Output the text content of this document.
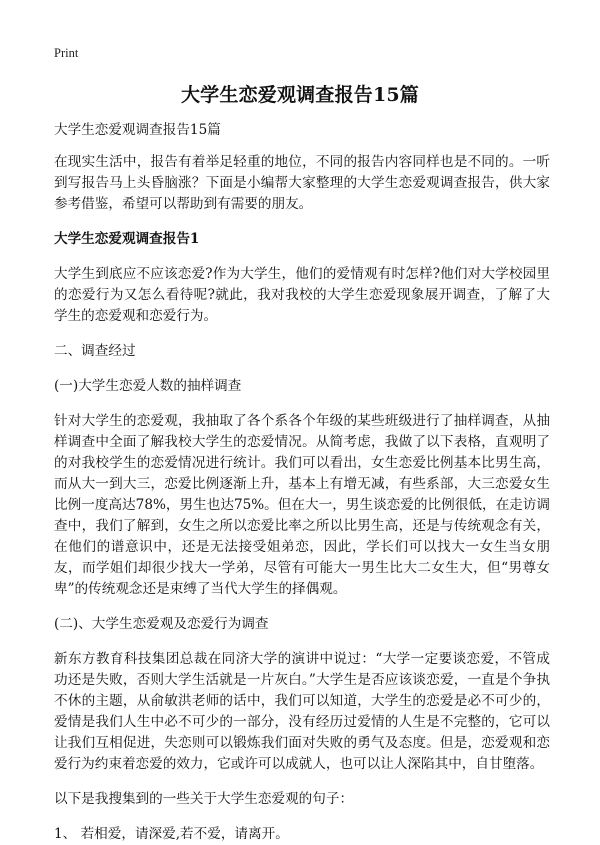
Print
大学生恋爱观调查报告15篇

大学生恋爱观调查报告15篇

在现实生活中，报告有着举足轻重的地位，不同的报告内容同样也是不同的。一听到写报告马上头昏脑涨？下面是小编帮大家整理的大学生恋爱观调查报告，供大家参考借鉴，希望可以帮助到有需要的朋友。

大学生恋爱观调查报告1

大学生到底应不应该恋爱?作为大学生，他们的爱情观有时怎样?他们对大学校园里的恋爱行为又怎么看待呢?就此，我对我校的大学生恋爱现象展开调查，了解了大学生的恋爱观和恋爱行为。

二、调查经过

(一)大学生恋爱人数的抽样调查

针对大学生的恋爱观，我抽取了各个系各个年级的某些班级进行了抽样调查，从抽样调查中全面了解我校大学生的恋爱情况。从简考虑，我做了以下表格，直观明了的对我校学生的恋爱情况进行统计。我们可以看出，女生恋爱比例基本比男生高，而从大一到大三，恋爱比例逐渐上升，基本上有增无减，有些系部，大三恋爱女生比例一度高达78%，男生也达75%。但在大一，男生谈恋爱的比例很低，在走访调查中，我们了解到，女生之所以恋爱比率之所以比男生高，还是与传统观念有关，在他们的谱意识中，还是无法接受姐弟恋，因此，学长们可以找大一女生当女朋友，而学姐们却很少找大一学弟，尽管有可能大一男生比大二女生大，但“男尊女卑”的传统观念还是束缚了当代大学生的择偶观。

(二)、大学生恋爱观及恋爱行为调查

新东方教育科技集团总裁在同济大学的演讲中说过：“大学一定要谈恋爱，不管成功还是失败，否则大学生活就是一片灰白。”大学生是否应该谈恋爱，一直是个争执不休的主题，从俞敏洪老师的话中，我们可以知道，大学生的恋爱是必不可少的，爱情是我们人生中必不可少的一部分，没有经历过爱情的人生是不完整的，它可以让我们互相促进，失恋则可以锻炼我们面对失败的勇气及态度。但是，恋爱观和恋爱行为约束着恋爱的效力，它或许可以成就人，也可以让人深陷其中，自甘堕落。

以下是我搜集到的一些关于大学生恋爱观的句子：

1、 若相爱，请深爱,若不爱，请离开。
